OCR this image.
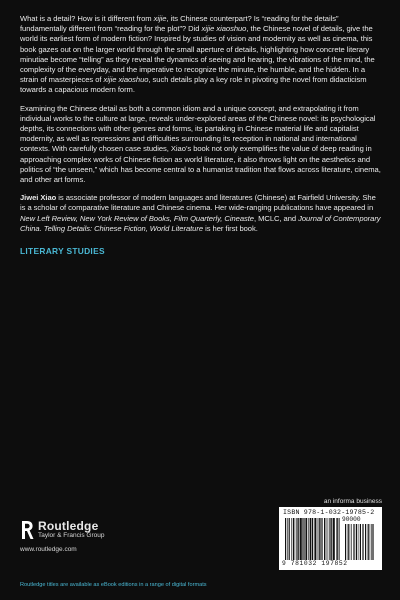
What is a detail? How is it different from xijie, its Chinese counterpart? Is “reading for the details” fundamentally different from “reading for the plot”? Did xijie xiaoshuo, the Chinese novel of details, give the world its earliest form of modern fiction? Inspired by studies of vision and modernity as well as cinema, this book gazes out on the larger world through the small aperture of details, highlighting how concrete literary minutiae become “telling” as they reveal the dynamics of seeing and hearing, the vibrations of the mind, the complexity of the everyday, and the imperative to recognize the minute, the humble, and the hidden. In a strain of masterpieces of xijie xiaoshuo, such details play a key role in pivoting the novel from didacticism towards a capacious modern form.

Examining the Chinese detail as both a common idiom and a unique concept, and extrapolating it from individual works to the culture at large, reveals under-explored areas of the Chinese novel: its psychological depths, its connections with other genres and forms, its partaking in Chinese material life and capitalist modernity, as well as repressions and difficulties surrounding its reception in national and international contexts. With carefully chosen case studies, Xiao’s book not only exemplifies the value of deep reading in approaching complex works of Chinese fiction as world literature, it also throws light on the aesthetics and politics of “the unseen,” which has become central to a humanist tradition that flows across literature, cinema, and other art forms.

Jiwei Xiao is associate professor of modern languages and literatures (Chinese) at Fairfield University. She is a scholar of comparative literature and Chinese cinema. Her wide-ranging publications have appeared in New Left Review, New York Review of Books, Film Quarterly, Cineaste, MCLC, and Journal of Contemporary China. Telling Details: Chinese Fiction, World Literature is her first book.

LITERARY STUDIES
an informa business
Routledge
Taylor & Francis Group
www.routledge.com
ISBN 978-1-032-19785-2
90000
9 781032 197852
Routledge titles are available as eBook editions in a range of digital formats
